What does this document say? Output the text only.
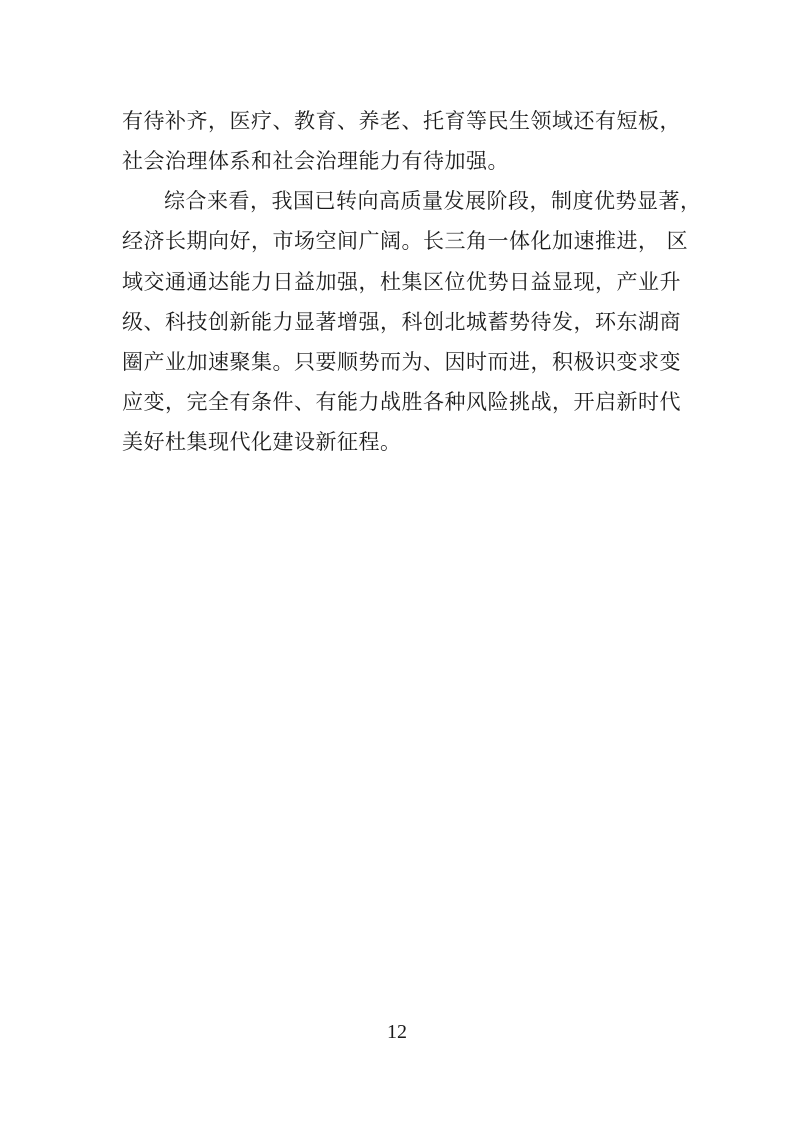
有待补齐，医疗、教育、养老、托育等民生领域还有短板，
社会治理体系和社会治理能力有待加强。
综合来看，我国已转向高质量发展阶段，制度优势显著，
经济长期向好，市场空间广阔。长三角一体化加速推进， 区
域交通通达能力日益加强，杜集区位优势日益显现，产业升
级、科技创新能力显著增强，科创北城蓄势待发，环东湖商
圈产业加速聚集。只要顺势而为、因时而进，积极识变求变
应变，完全有条件、有能力战胜各种风险挑战，开启新时代
美好杜集现代化建设新征程。
12
